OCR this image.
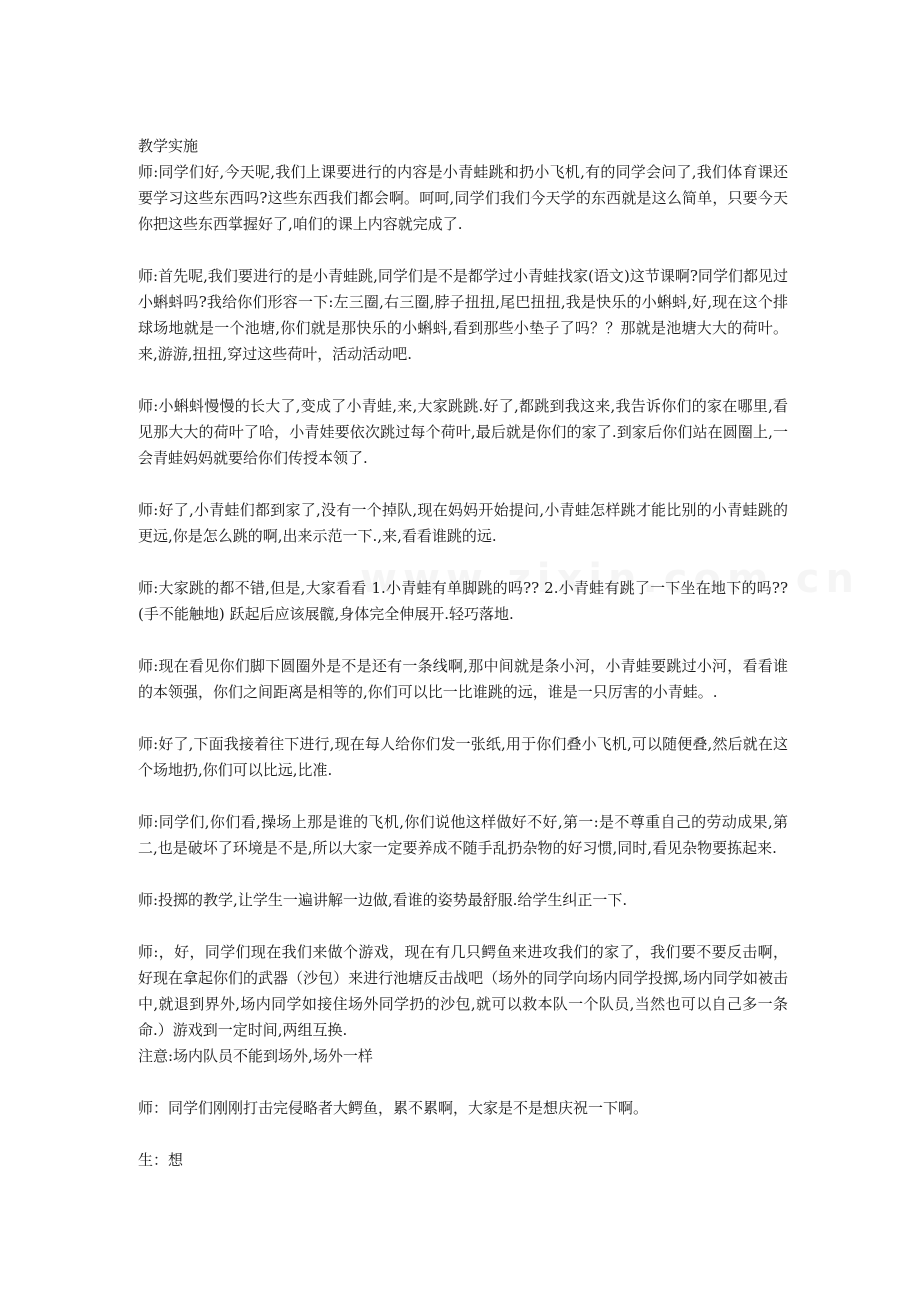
教学实施

师:同学们好,今天呢,我们上课要进行的内容是小青蛙跳和扔小飞机,有的同学会问了,我们体育课还要学习这些东西吗?这些东西我们都会啊。呵呵,同学们我们今天学的东西就是这么简单，只要今天你把这些东西掌握好了,咱们的课上内容就完成了.

师:首先呢,我们要进行的是小青蛙跳,同学们是不是都学过小青蛙找家(语文)这节课啊?同学们都见过小蝌蚪吗?我给你们形容一下:左三圈,右三圈,脖子扭扭,尾巴扭扭,我是快乐的小蝌蚪,好,现在这个排球场地就是一个池塘,你们就是那快乐的小蝌蚪,看到那些小垫子了吗？？那就是池塘大大的荷叶。来,游游,扭扭,穿过这些荷叶，活动活动吧.

师:小蝌蚪慢慢的长大了,变成了小青蛙,来,大家跳跳.好了,都跳到我这来,我告诉你们的家在哪里,看见那大大的荷叶了哈，小青娃要依次跳过每个荷叶,最后就是你们的家了.到家后你们站在圆圈上,一会青蛙妈妈就要给你们传授本领了.

师:好了,小青蛙们都到家了,没有一个掉队,现在妈妈开始提问,小青蛙怎样跳才能比别的小青蛙跳的更远,你是怎么跳的啊,出来示范一下.,来,看看谁跳的远.

师:大家跳的都不错,但是,大家看看 1.小青蛙有单脚跳的吗?? 2.小青蛙有跳了一下坐在地下的吗??(手不能触地) 跃起后应该展髋,身体完全伸展开.轻巧落地.

师:现在看见你们脚下圆圈外是不是还有一条线啊,那中间就是条小河，小青蛙要跳过小河，看看谁的本领强，你们之间距离是相等的,你们可以比一比谁跳的远，谁是一只厉害的小青蛙。.

师:好了,下面我接着往下进行,现在每人给你们发一张纸,用于你们叠小飞机,可以随便叠,然后就在这个场地扔,你们可以比远,比准.

师:同学们,你们看,操场上那是谁的飞机,你们说他这样做好不好,第一:是不尊重自己的劳动成果,第二,也是破坏了环境是不是,所以大家一定要养成不随手乱扔杂物的好习惯,同时,看见杂物要拣起来.

师:投掷的教学,让学生一遍讲解一边做,看谁的姿势最舒服.给学生纠正一下.

师:，好，同学们现在我们来做个游戏，现在有几只鳄鱼来进攻我们的家了，我们要不要反击啊，好现在拿起你们的武器（沙包）来进行池塘反击战吧（场外的同学向场内同学投掷,场内同学如被击中,就退到界外,场内同学如接住场外同学扔的沙包,就可以救本队一个队员,当然也可以自己多一条命.）游戏到一定时间,两组互换.

注意:场内队员不能到场外,场外一样

师：同学们刚刚打击完侵略者大鳄鱼，累不累啊，大家是不是想庆祝一下啊。

生：想
